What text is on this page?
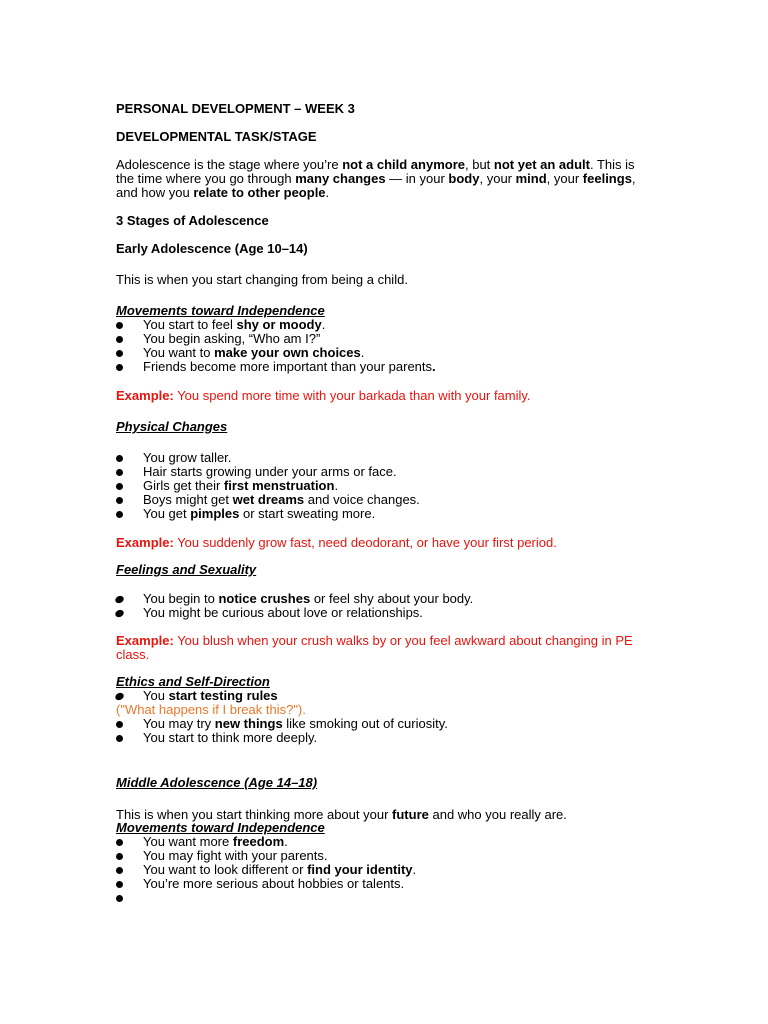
PERSONAL DEVELOPMENT – WEEK 3
DEVELOPMENTAL TASK/STAGE
Adolescence is the stage where you’re not a child anymore, but not yet an adult. This is
the time where you go through many changes — in your body, your mind, your feelings,
and how you relate to other people.
3 Stages of Adolescence
Early Adolescence (Age 10–14)
This is when you start changing from being a child.
Movements toward Independence
You start to feel shy or moody.
You begin asking, “Who am I?”
You want to make your own choices.
Friends become more important than your parents.
Example: You spend more time with your barkada than with your family.
Physical Changes
You grow taller.
Hair starts growing under your arms or face.
Girls get their first menstruation.
Boys might get wet dreams and voice changes.
You get pimples or start sweating more.
Example: You suddenly grow fast, need deodorant, or have your first period.
Feelings and Sexuality
You begin to notice crushes or feel shy about your body.
You might be curious about love or relationships.
Example: You blush when your crush walks by or you feel awkward about changing in PE
class.
Ethics and Self-Direction
You start testing rules
("What happens if I break this?").
You may try new things like smoking out of curiosity.
You start to think more deeply.
Middle Adolescence (Age 14–18)
This is when you start thinking more about your future and who you really are.
Movements toward Independence
You want more freedom.
You may fight with your parents.
You want to look different or find your identity.
You’re more serious about hobbies or talents.
